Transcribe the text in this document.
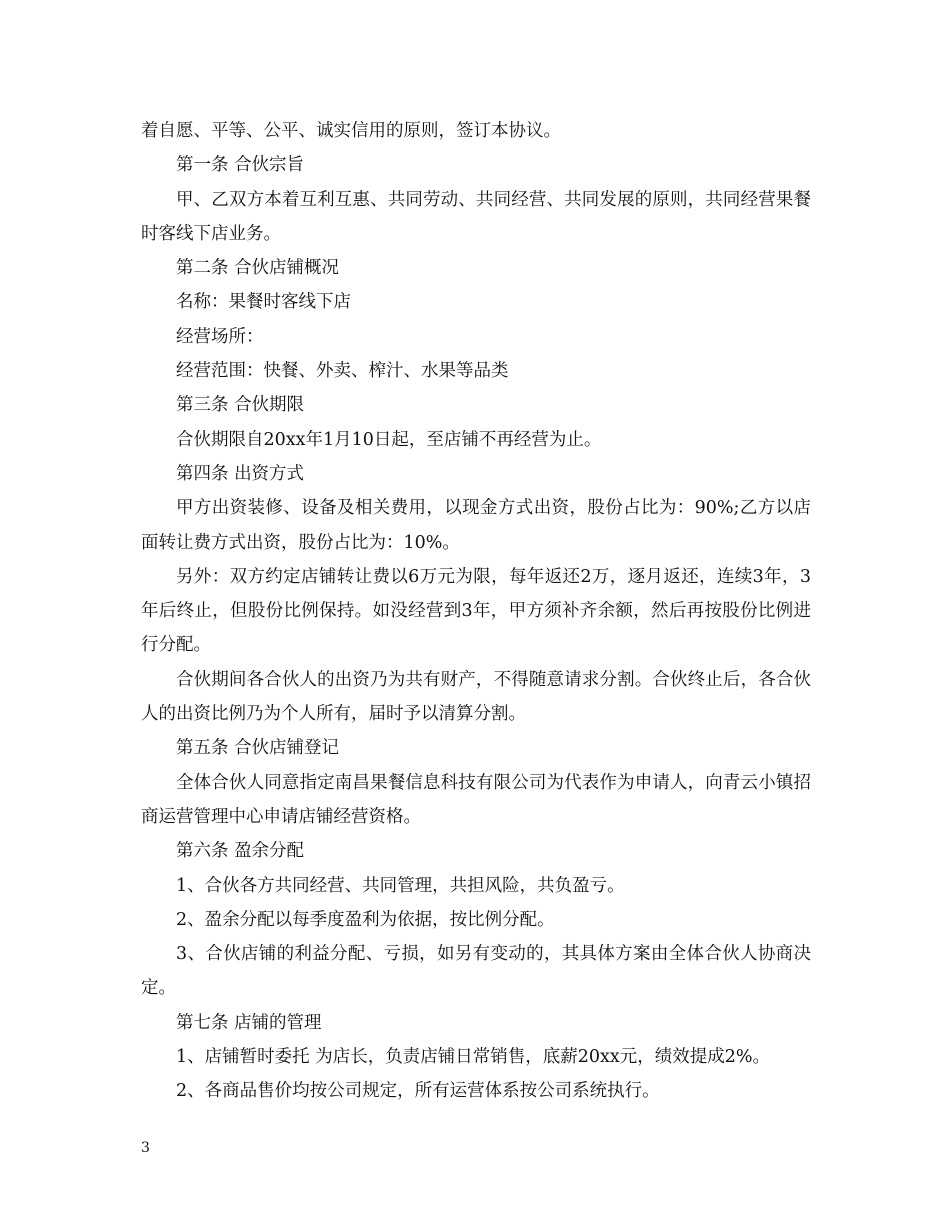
着自愿、平等、公平、诚实信用的原则，签订本协议。

第一条 合伙宗旨

甲、乙双方本着互利互惠、共同劳动、共同经营、共同发展的原则，共同经营果餐时客线下店业务。

第二条 合伙店铺概况

名称：果餐时客线下店

经营场所：

经营范围：快餐、外卖、榨汁、水果等品类

第三条 合伙期限

合伙期限自20xx年1月10日起，至店铺不再经营为止。

第四条 出资方式

甲方出资装修、设备及相关费用，以现金方式出资，股份占比为：90%;乙方以店面转让费方式出资，股份占比为：10%。

另外：双方约定店铺转让费以6万元为限，每年返还2万，逐月返还，连续3年，3年后终止，但股份比例保持。如没经营到3年，甲方须补齐余额，然后再按股份比例进行分配。

合伙期间各合伙人的出资乃为共有财产，不得随意请求分割。合伙终止后，各合伙人的出资比例乃为个人所有，届时予以清算分割。

第五条 合伙店铺登记

全体合伙人同意指定南昌果餐信息科技有限公司为代表作为申请人，向青云小镇招商运营管理中心申请店铺经营资格。

第六条 盈余分配

1、合伙各方共同经营、共同管理，共担风险，共负盈亏。

2、盈余分配以每季度盈利为依据，按比例分配。

3、合伙店铺的利益分配、亏损，如另有变动的，其具体方案由全体合伙人协商决定。

第七条 店铺的管理

1、店铺暂时委托 为店长，负责店铺日常销售，底薪20xx元，绩效提成2%。

2、各商品售价均按公司规定，所有运营体系按公司系统执行。

3
